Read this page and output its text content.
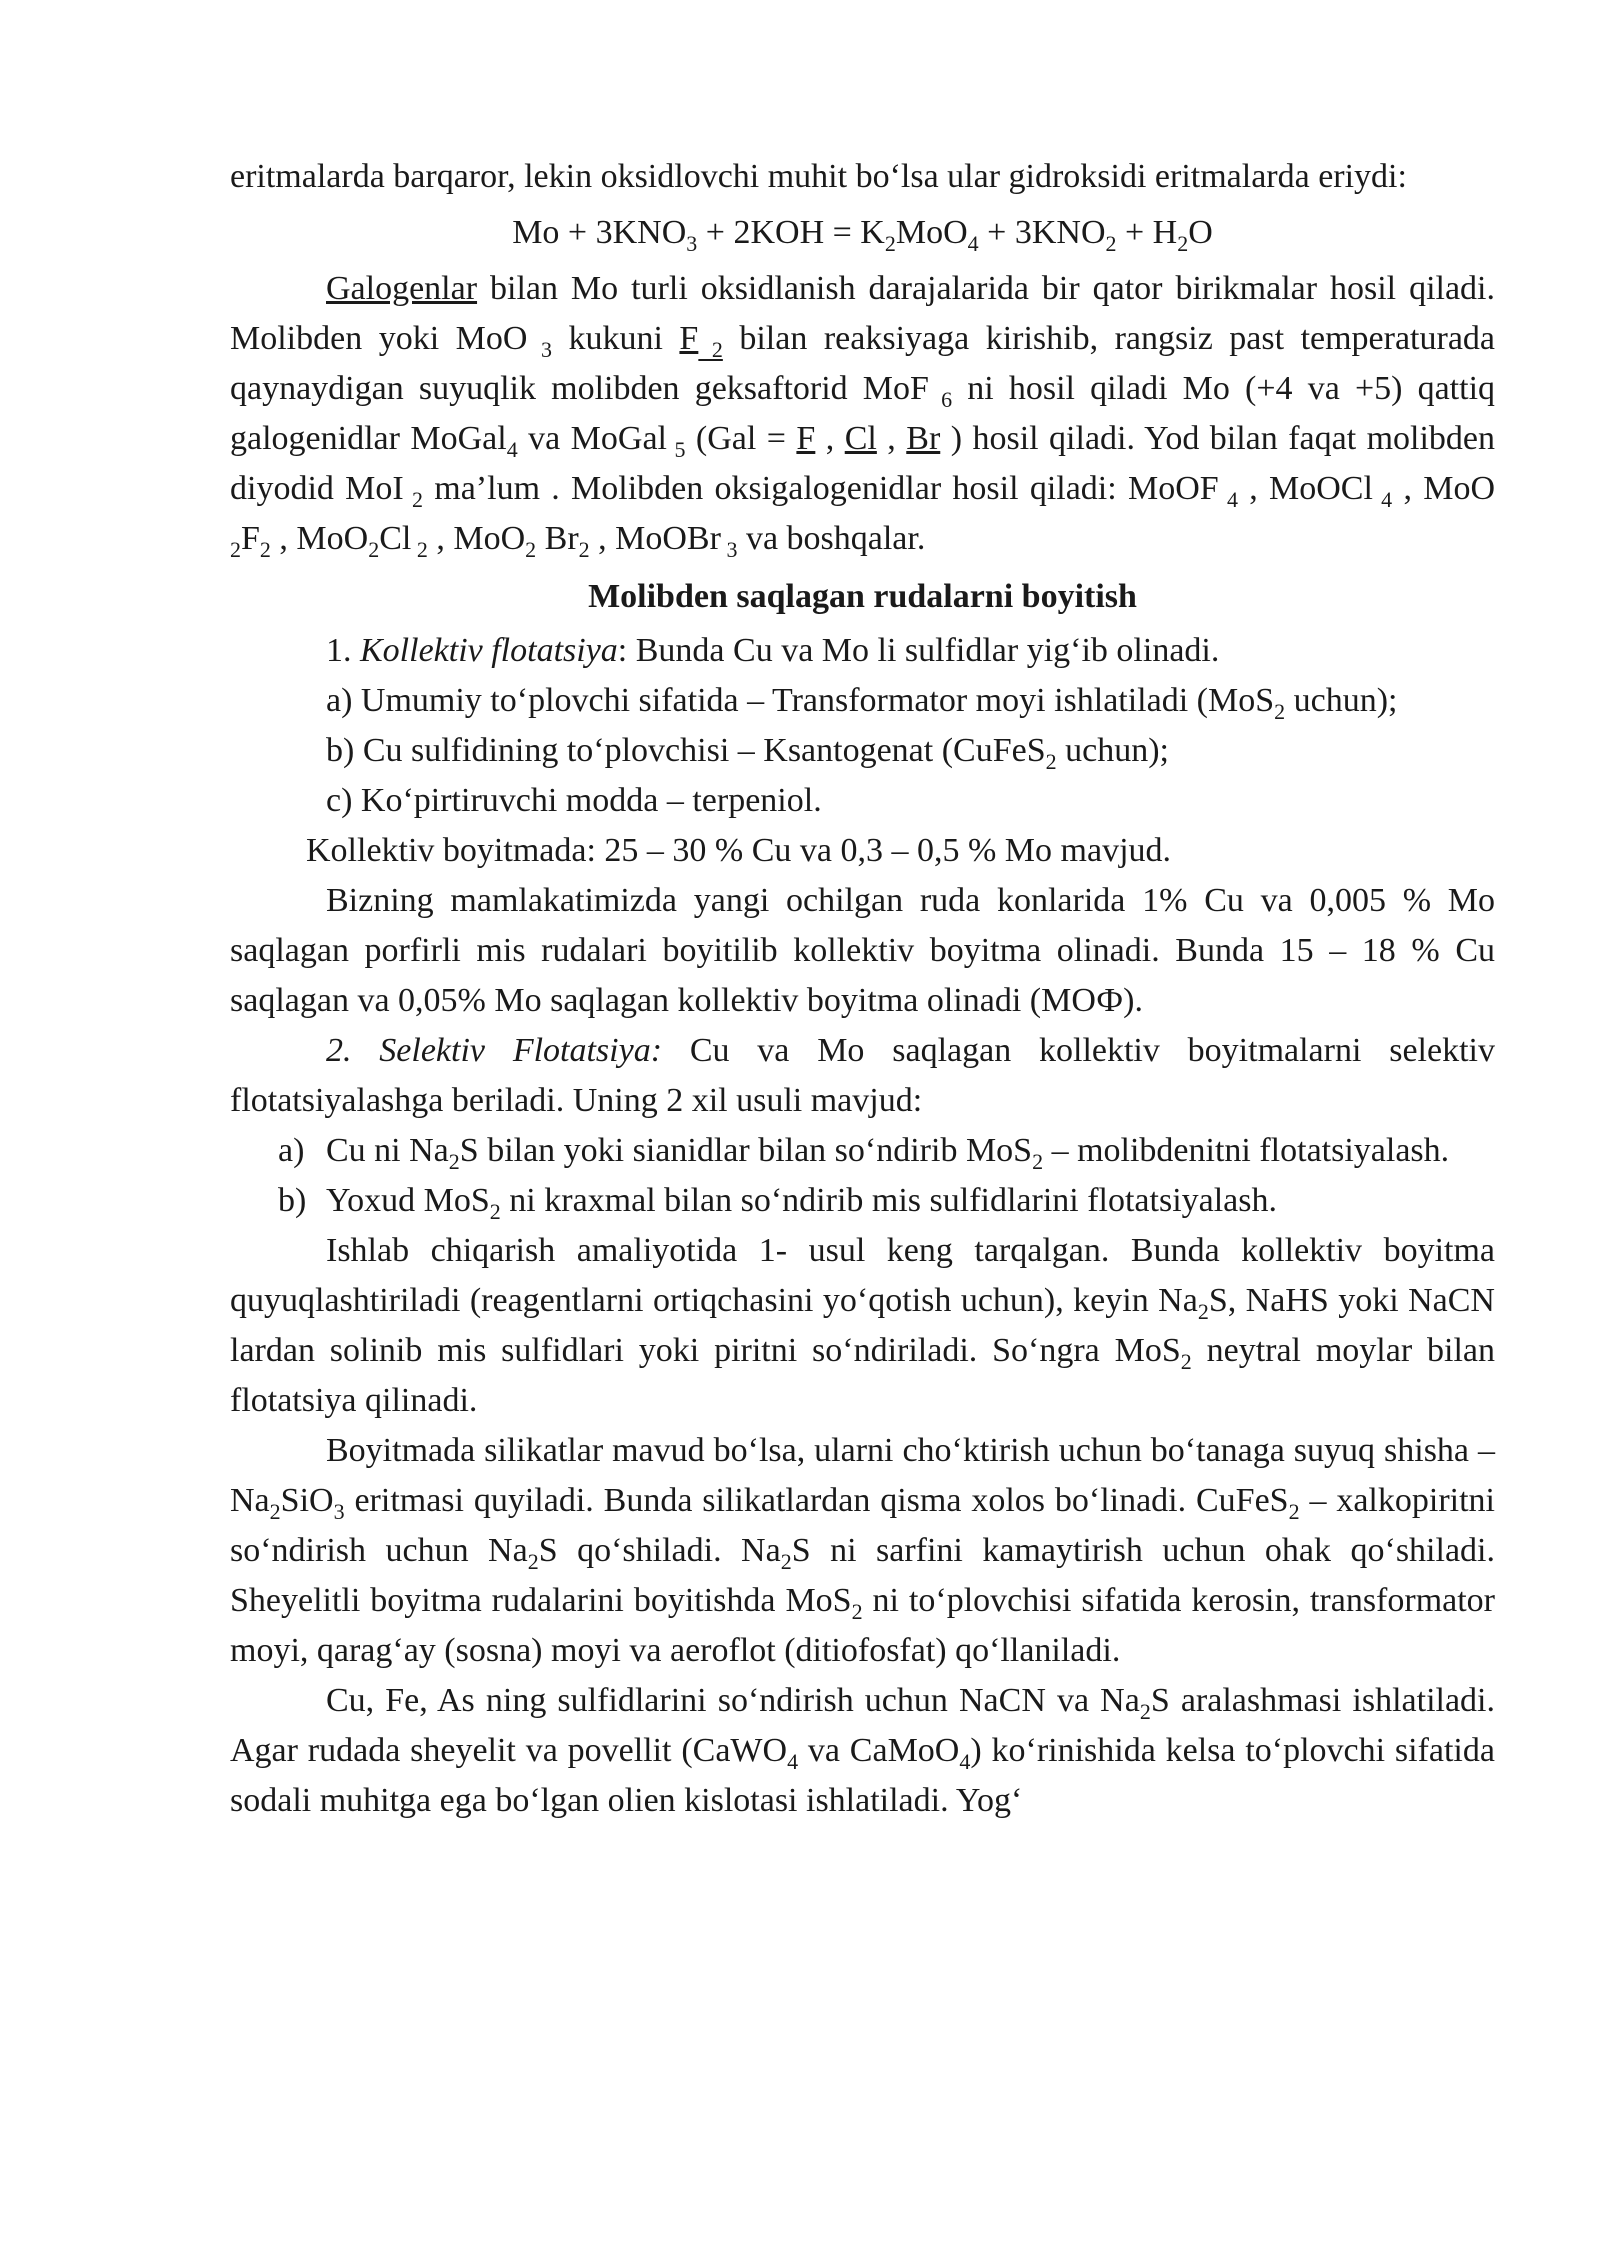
eritmalarda barqaror, lekin oksidlovchi muhit bo‘lsa ular gidroksidi eritmalarda eriydi:

$Mo + 3KNO_3 + 2KOH = K_2MoO_4 + 3KNO_2 + H_2O$

Galogenlar bilan Mo turli oksidlanish darajalarida bir qator birikmalar hosil qiladi. Molibden yoki MoO $_3$ kukuni F $_2$ bilan reaksiyaga kirishib, rangsiz past temperaturada qaynaydigan suyuqlik molibden geksaftorid MoF $_6$ ni hosil qiladi Mo (+4 va +5) qattiq galogenidlar MoGal$_4$ va MoGal $_5$ (Gal = F , Cl , Br ) hosil qiladi. Yod bilan faqat molibden diyodid MoI $_2$ ma’lum . Molibden oksigalogenidlar hosil qiladi: MoOF $_4$ , MoOCl $_4$ , MoO $_2F_2$ , MoO$_2$Cl $_2$ , MoO$_2$ $Br_2$ , MoOBr $_3$ va boshqalar.

Molibden saqlagan rudalarni boyitish

1. Kollektiv flotatsiya: Bunda Cu va Mo li sulfidlar yig‘ib olinadi.

a) Umumiy to‘plovchi sifatida – Transformator moyi ishlatiladi (MoS$_2$ uchun);

b) Cu sulfidining to‘plovchisi – Ksantogenat (CuFeS$_2$ uchun);

c) Ko‘pirtiruvchi modda – terpeniol.

Kollektiv boyitmada: 25 – 30 % Cu va 0,3 – 0,5 % Mo mavjud.

Bizning mamlakatimizda yangi ochilgan ruda konlarida 1% Cu va 0,005 % Mo saqlagan porfirli mis rudalari boyitilib kollektiv boyitma olinadi. Bunda 15 – 18 % Cu saqlagan va 0,05% Mo saqlagan kollektiv boyitma olinadi (МОФ).

2. Selektiv Flotatsiya: Cu va Mo saqlagan kollektiv boyitmalarni selektiv flotatsiyalashga beriladi. Uning 2 xil usuli mavjud:

a) Cu ni $Na_2S$ bilan yoki sianidlar bilan so‘ndirib MoS$_2$ – molibdenitni flotatsiyalash.
b) Yoxud MoS$_2$ ni kraxmal bilan so‘ndirib mis sulfidlarini flotatsiyalash.

Ishlab chiqarish amaliyotida 1- usul keng tarqalgan. Bunda kollektiv boyitma quyuqlashtiriladi (reagentlarni ortiqchasini yo‘qotish uchun), keyin $Na_2S$, NaHS yoki NaCN lardan solinib mis sulfidlari yoki piritni so‘ndiriladi. So‘ngra MoS$_2$ neytral moylar bilan flotatsiya qilinadi.

Boyitmada silikatlar mavud bo‘lsa, ularni cho‘ktirish uchun bo‘tanaga suyuq shisha – $Na_2SiO_3$ eritmasi quyiladi. Bunda silikatlardan qisma xolos bo‘linadi. CuFeS$_2$ – xalkopiritni so‘ndirish uchun $Na_2S$ qo‘shiladi. $Na_2S$ ni sarfini kamaytirish uchun ohak qo‘shiladi. Sheyelitli boyitma rudalarini boyitishda MoS$_2$ ni to‘plovchisi sifatida kerosin, transformator moyi, qarag‘ay (sosna) moyi va aeroflot (ditiofosfat) qo‘llaniladi.

Cu, Fe, As ning sulfidlarini so‘ndirish uchun NaCN va $Na_2S$ aralashmasi ishlatiladi. Agar rudada sheyelit va povellit (CaWO$_4$ va CaMoO$_4$) ko‘rinishida kelsa to‘plovchi sifatida sodali muhitga ega bo‘lgan olien kislotasi ishlatiladi. Yog‘
